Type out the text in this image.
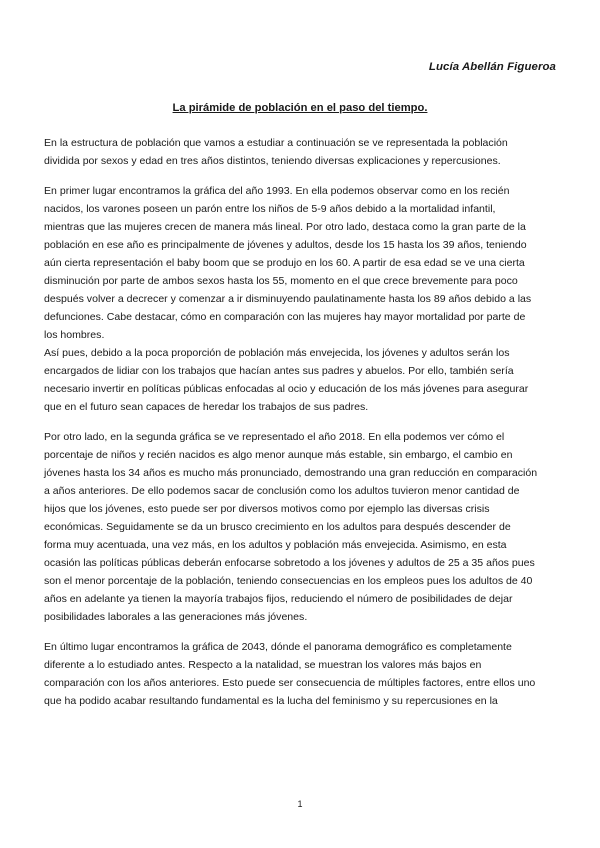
Lucía Abellán Figueroa
La pirámide de población en el paso del tiempo.
En la estructura de población que vamos a estudiar a continuación se ve representada la población
dividida por sexos y edad en tres años distintos, teniendo diversas explicaciones y repercusiones.
En primer lugar encontramos la gráfica del año 1993. En ella podemos observar como en los recién
nacidos, los varones poseen un parón entre los niños de 5-9 años debido a la mortalidad infantil,
mientras que las mujeres crecen de manera más lineal. Por otro lado, destaca como la gran parte de la
población en ese año es principalmente de jóvenes y adultos, desde los 15 hasta los 39 años, teniendo
aún cierta representación el baby boom que se produjo en los 60. A partir de esa edad se ve una cierta
disminución por parte de ambos sexos hasta los 55, momento en el que crece brevemente para poco
después volver a decrecer y comenzar a ir disminuyendo paulatinamente hasta los 89 años debido a las
defunciones. Cabe destacar, cómo en comparación con las mujeres hay mayor mortalidad por parte de
los hombres.
Así pues, debido a la poca proporción de población más envejecida, los jóvenes y adultos serán los
encargados de lidiar con los trabajos que hacían antes sus padres y abuelos. Por ello, también sería
necesario invertir en políticas públicas enfocadas al ocio y educación de los más jóvenes para asegurar
que en el futuro sean capaces de heredar los trabajos de sus padres.
Por otro lado, en la segunda gráfica se ve representado el año 2018. En ella podemos ver cómo el
porcentaje de niños y recién nacidos es algo menor aunque más estable, sin embargo, el cambio en
jóvenes hasta los 34 años es mucho más pronunciado, demostrando una gran reducción en comparación
a años anteriores. De ello podemos sacar de conclusión como los adultos tuvieron menor cantidad de
hijos que los jóvenes, esto puede ser por diversos motivos como por ejemplo las diversas crisis
económicas. Seguidamente se da un brusco crecimiento en los adultos para después descender de
forma muy acentuada, una vez más, en los adultos y población más envejecida. Asimismo, en esta
ocasión las políticas públicas deberán enfocarse sobretodo a los jóvenes y adultos de 25 a 35 años pues
son el menor porcentaje de la población, teniendo consecuencias en los empleos pues los adultos de 40
años en adelante ya tienen la mayoría trabajos fijos, reduciendo el número de posibilidades de dejar
posibilidades laborales a las generaciones más jóvenes.
En último lugar encontramos la gráfica de 2043, dónde el panorama demográfico es completamente
diferente a lo estudiado antes. Respecto a la natalidad, se muestran los valores más bajos en
comparación con los años anteriores. Esto puede ser consecuencia de múltiples factores, entre ellos uno
que ha podido acabar resultando fundamental es la lucha del feminismo y su repercusiones en la
1
